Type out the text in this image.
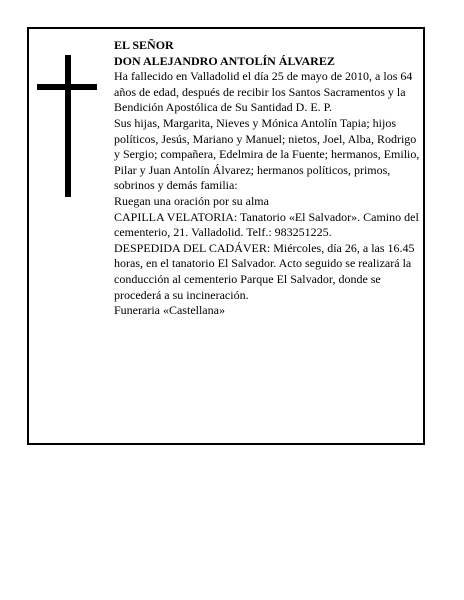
EL SEÑOR

DON ALEJANDRO ANTOLÍN ÁLVAREZ

Ha fallecido en Valladolid el día 25 de mayo de 2010, a los 64 años de edad, después de recibir los Santos Sacramentos y la Bendición Apostólica de Su Santidad D. E. P.

Sus hijas, Margarita, Nieves y Mónica Antolín Tapia; hijos políticos, Jesús, Mariano y Manuel; nietos, Joel, Alba, Rodrigo y Sergio; compañera, Edelmira de la Fuente; hermanos, Emilio, Pilar y Juan Antolín Álvarez; hermanos políticos, primos, sobrinos y demás familia:

Ruegan una oración por su alma

CAPILLA VELATORIA: Tanatorio «El Salvador». Camino del cementerio, 21. Valladolid. Telf.: 983251225.

DESPEDIDA DEL CADÁVER: Miércoles, día 26, a las 16.45 horas, en el tanatorio El Salvador. Acto seguido se realizará la conducción al cementerio Parque El Salvador, donde se procederá a su incineración.

Funeraria «Castellana»
